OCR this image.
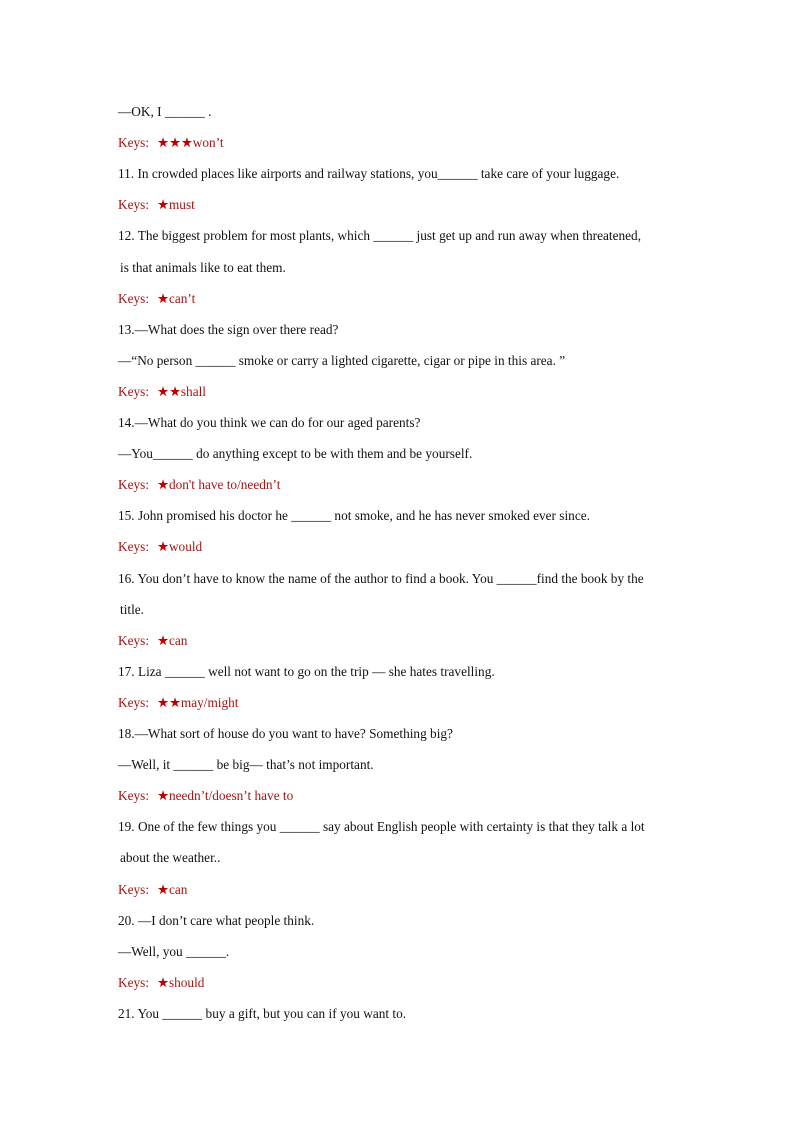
—OK, I ______ .
Keys: ★★★won’t
11. In crowded places like airports and railway stations, you______ take care of your luggage.
Keys: ★must
12. The biggest problem for most plants, which ______ just get up and run away when threatened,
is that animals like to eat them.
Keys: ★can’t
13.—What does the sign over there read?
—“No person ______ smoke or carry a lighted cigarette, cigar or pipe in this area. ”
Keys: ★★shall
14.—What do you think we can do for our aged parents?
—You______ do anything except to be with them and be yourself.
Keys: ★don't have to/needn’t
15. John promised his doctor he ______ not smoke, and he has never smoked ever since.
Keys: ★would
16. You don’t have to know the name of the author to find a book. You ______find the book by the
title.
Keys: ★can
17. Liza ______ well not want to go on the trip — she hates travelling.
Keys: ★★may/might
18.—What sort of house do you want to have? Something big?
—Well, it ______ be big— that’s not important.
Keys: ★needn’t/doesn’t have to
19. One of the few things you ______ say about English people with certainty is that they talk a lot
about the weather..
Keys: ★can
20. —I don’t care what people think.
—Well, you ______.
Keys: ★should
21. You ______ buy a gift, but you can if you want to.
